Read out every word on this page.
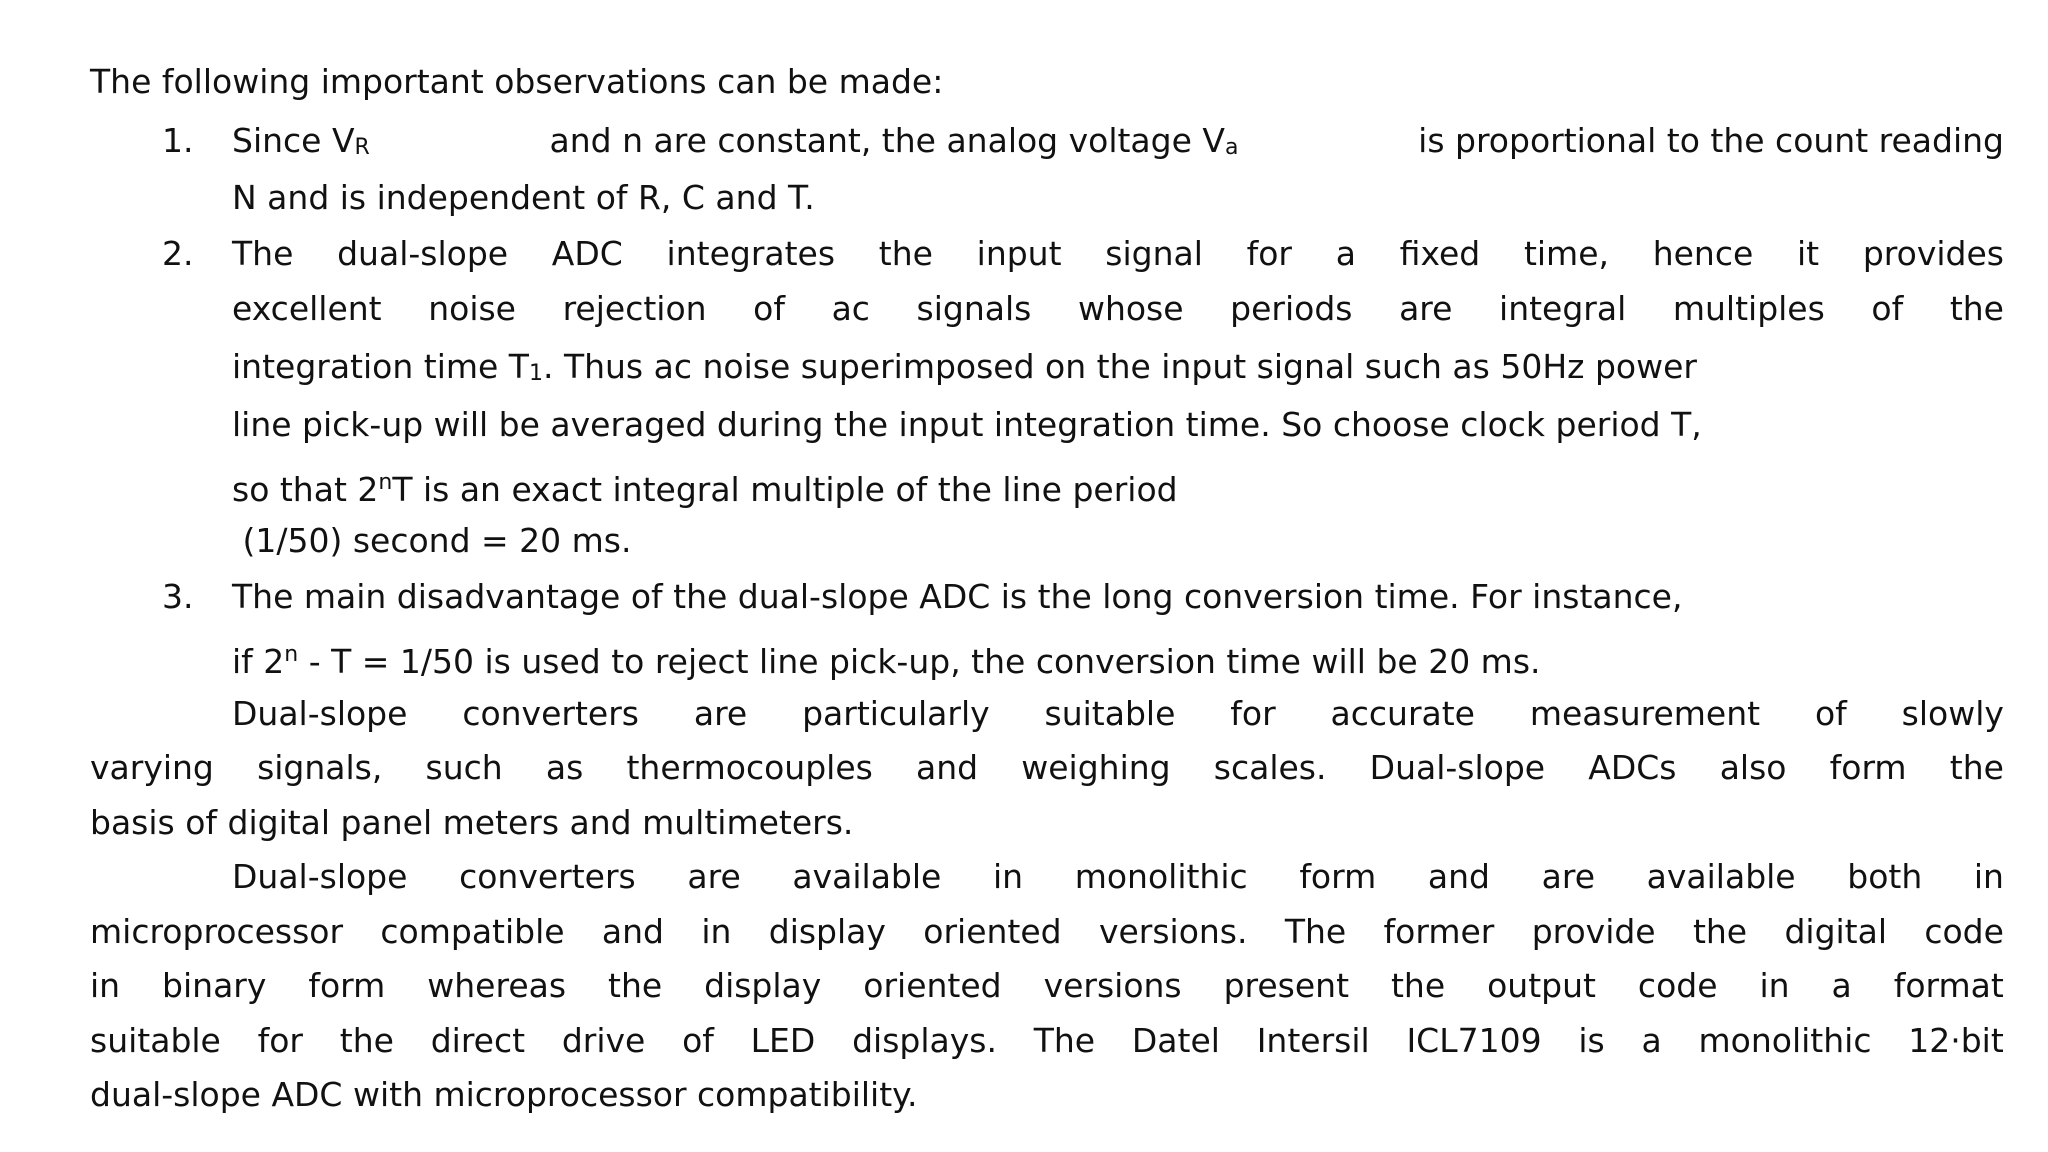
The following important observations can be made:
1. Since VR	and n are constant, the analog voltage Va	is proportional to the count reading
N and is independent of R, C and T.
2. The dual-slope ADC integrates the input signal for a fixed time, hence it provides
excellent noise rejection of ac signals whose periods are integral multiples of the
integration time T1. Thus ac noise superimposed on the input signal such as 50Hz power
line pick-up will be averaged during the input integration time. So choose clock period T,
so that 2$^n$T is an exact integral multiple of the line period
(1/50) second = 20 ms.
3. The main disadvantage of the dual-slope ADC is the long conversion time. For instance,
if 2$^n$ - T = 1/50 is used to reject line pick-up, the conversion time will be 20 ms.
Dual-slope converters are particularly suitable for accurate measurement of slowly
varying signals, such as thermocouples and weighing scales. Dual-slope ADCs also form the
basis of digital panel meters and multimeters.
Dual-slope converters are available in monolithic form and are available both in
microprocessor compatible and in display oriented versions. The former provide the digital code
in binary form whereas the display oriented versions present the output code in a format
suitable for the direct drive of LED displays. The Datel Intersil ICL7109 is a monolithic 12·bit
dual-slope ADC with microprocessor compatibility.
